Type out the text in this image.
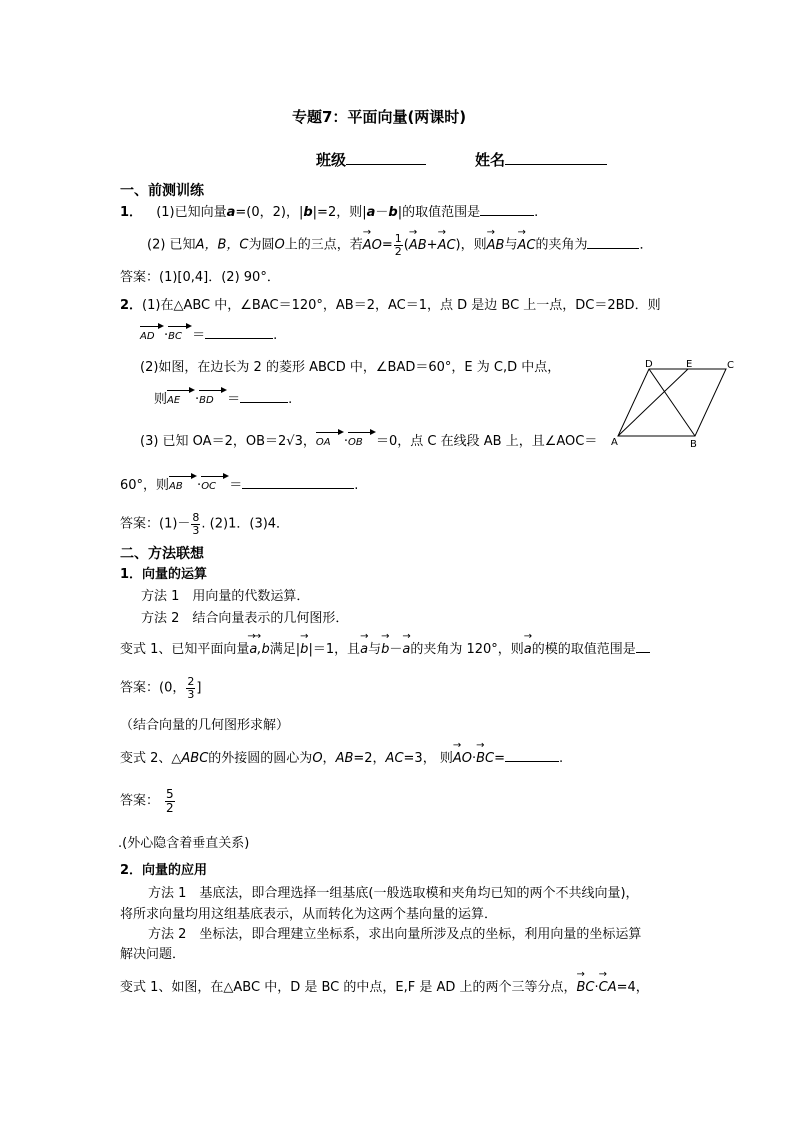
专题7：平面向量(两课时)
班级	姓名
一、前测训练
1． (1)已知向量a=(0，2)，|b|=2，则|a－b|的取值范围是	.
(2) 已知A，B，C为圆O上的三点，若→ $AO= \frac{1}{2}$ (→ AB+→ AC)，则→ AB与→ AC的夹角为	．
答案：(1)[0,4]．(2) 90°．
2．(1)在△ABC 中，∠BAC＝120°，AB＝2，AC＝1，点 D 是边 BC 上一点，DC＝2BD．则
AD ·BC ＝	.
(2)如图，在边长为 2 的菱形 ABCD 中，∠BAD＝60°，E 为 C,D 中点，
则AE ·BD ＝	.
(3) 已知 OA＝2，OB＝2√3，OA ·OB ＝0，点 C 在线段 AB 上，且∠AOC＝
60°，则AB ·OC ＝	.
答案：$(1)- \frac{8}{3}$ . (2)1．(3)4．
D	E	C
A	B
二、方法联想
1．向量的运算
方法 1　用向量的代数运算．
方法 2　结合向量表示的几何图形．
变式 1、已知平面向量→→ a,b满足|→ b|＝1，且→ a与→ b－→ a的夹角为 120°，则→ a的模的取值范围是
答案：(0， $\frac{2}{3}$ ]
（结合向量的几何图形求解）
变式 2、△ABC的外接圆的圆心为O，AB=2，AC=3， 则→ AO·→ BC=	.
答案： $\frac{5}{2}$
.(外心隐含着垂直关系)
2．向量的应用
方法 1　基底法，即合理选择一组基底(一般选取模和夹角均已知的两个不共线向量)，
将所求向量均用这组基底表示，从而转化为这两个基向量的运算．
方法 2　坐标法，即合理建立坐标系，求出向量所涉及点的坐标，利用向量的坐标运算
解决问题．
变式 1、如图，在△ABC 中，D 是 BC 的中点，E,F 是 AD 上的两个三等分点，→ BC·→ CA=4，
